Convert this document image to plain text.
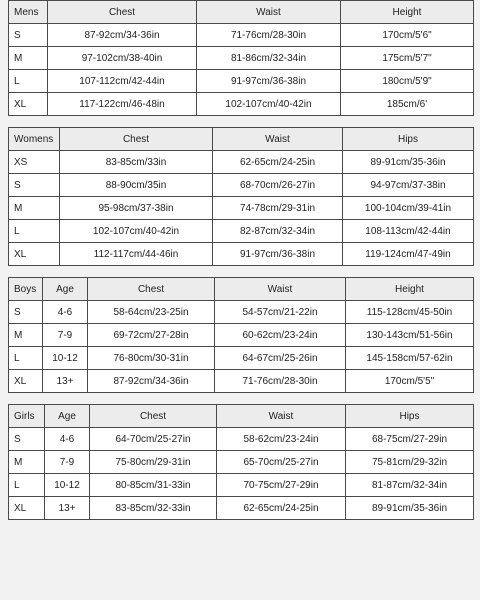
Mens	Chest	Waist	Height
S	87-92cm/34-36in	71-76cm/28-30in	170cm/5'6"
M	97-102cm/38-40in	81-86cm/32-34in	175cm/5'7"
L	107-112cm/42-44in	91-97cm/36-38in	180cm/5'9"
XL	117-122cm/46-48in	102-107cm/40-42in	185cm/6'
Womens	Chest	Waist	Hips
XS	83-85cm/33in	62-65cm/24-25in	89-91cm/35-36in
S	88-90cm/35in	68-70cm/26-27in	94-97cm/37-38in
M	95-98cm/37-38in	74-78cm/29-31in	100-104cm/39-41in
L	102-107cm/40-42in	82-87cm/32-34in	108-113cm/42-44in
XL	112-117cm/44-46in	91-97cm/36-38in	119-124cm/47-49in
Boys	Age	Chest	Waist	Height
S	4-6	58-64cm/23-25in	54-57cm/21-22in	115-128cm/45-50in
M	7-9	69-72cm/27-28in	60-62cm/23-24in	130-143cm/51-56in
L	10-12	76-80cm/30-31in	64-67cm/25-26in	145-158cm/57-62in
XL	13+	87-92cm/34-36in	71-76cm/28-30in	170cm/5'5"
Girls	Age	Chest	Waist	Hips
S	4-6	64-70cm/25-27in	58-62cm/23-24in	68-75cm/27-29in
M	7-9	75-80cm/29-31in	65-70cm/25-27in	75-81cm/29-32in
L	10-12	80-85cm/31-33in	70-75cm/27-29in	81-87cm/32-34in
XL	13+	83-85cm/32-33in	62-65cm/24-25in	89-91cm/35-36in
